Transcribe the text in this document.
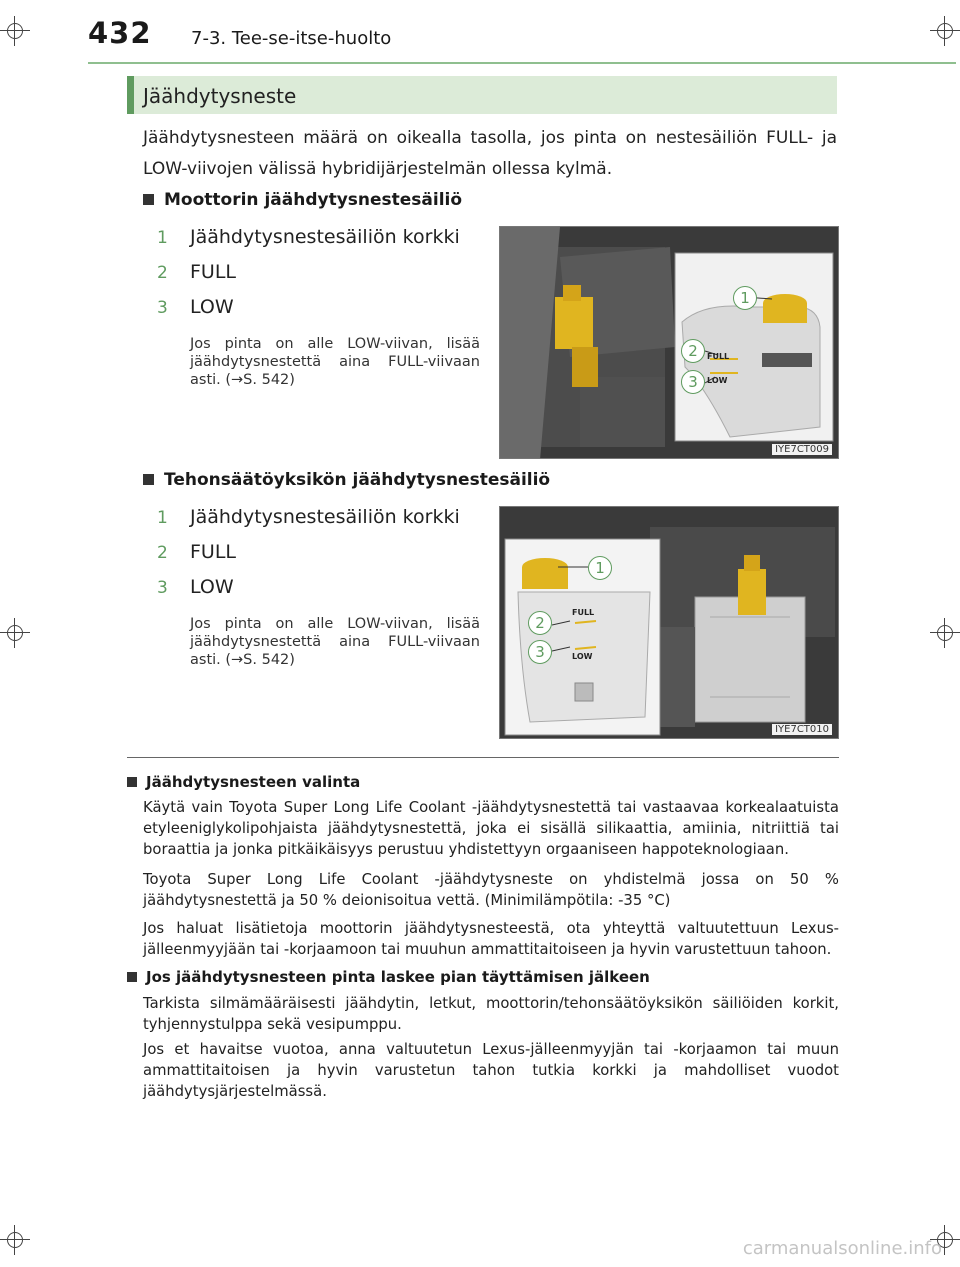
432 7-3. Tee-se-itse-huolto
Jäähdytysneste
Jäähdytysnesteen määrä on oikealla tasolla, jos pinta on nestesäiliön FULL- ja LOW-viivojen välissä hybridijärjestelmän ollessa kylmä.
Moottorin jäähdytysnestesäiliö
1 Jäähdytysnestesäiliön korkki
2 FULL
3 LOW
Jos pinta on alle LOW-viivan, lisää jäähdytysnestettä aina FULL-viivaan asti. (→S. 542)
FULL
LOW
1
2
3
IYE7CT009
Tehonsäätöyksikön jäähdytysnestesäiliö
1 Jäähdytysnestesäiliön korkki
2 FULL
3 LOW
Jos pinta on alle LOW-viivan, lisää jäähdytysnestettä aina FULL-viivaan asti. (→S. 542)
FULL
LOW
1
2
3
IYE7CT010
Jäähdytysnesteen valinta
Käytä vain Toyota Super Long Life Coolant -jäähdytysnestettä tai vastaavaa korkealaatuista etyleeniglykolipohjaista jäähdytysnestettä, joka ei sisällä silikaattia, amiinia, nitriittiä tai boraattia ja jonka pitkäikäisyys perustuu yhdistettyyn orgaaniseen happoteknologiaan.
Toyota Super Long Life Coolant -jäähdytysneste on yhdistelmä jossa on 50 % jäähdytysnestettä ja 50 % deionisoitua vettä. (Minimilämpötila: -35 °C)
Jos haluat lisätietoja moottorin jäähdytysnesteestä, ota yhteyttä valtuutettuun Lexus-jälleenmyyjään tai -korjaamoon tai muuhun ammattitaitoiseen ja hyvin varustettuun tahoon.
Jos jäähdytysnesteen pinta laskee pian täyttämisen jälkeen
Tarkista silmämääräisesti jäähdytin, letkut, moottorin/tehonsäätöyksikön säiliöiden korkit, tyhjennystulppa sekä vesipumppu.
Jos et havaitse vuotoa, anna valtuutetun Lexus-jälleenmyyjän tai -korjaamon tai muun ammattitaitoisen ja hyvin varustetun tahon tutkia korkki ja mahdolliset vuodot jäähdytysjärjestelmässä.
carmanualsonline.info
